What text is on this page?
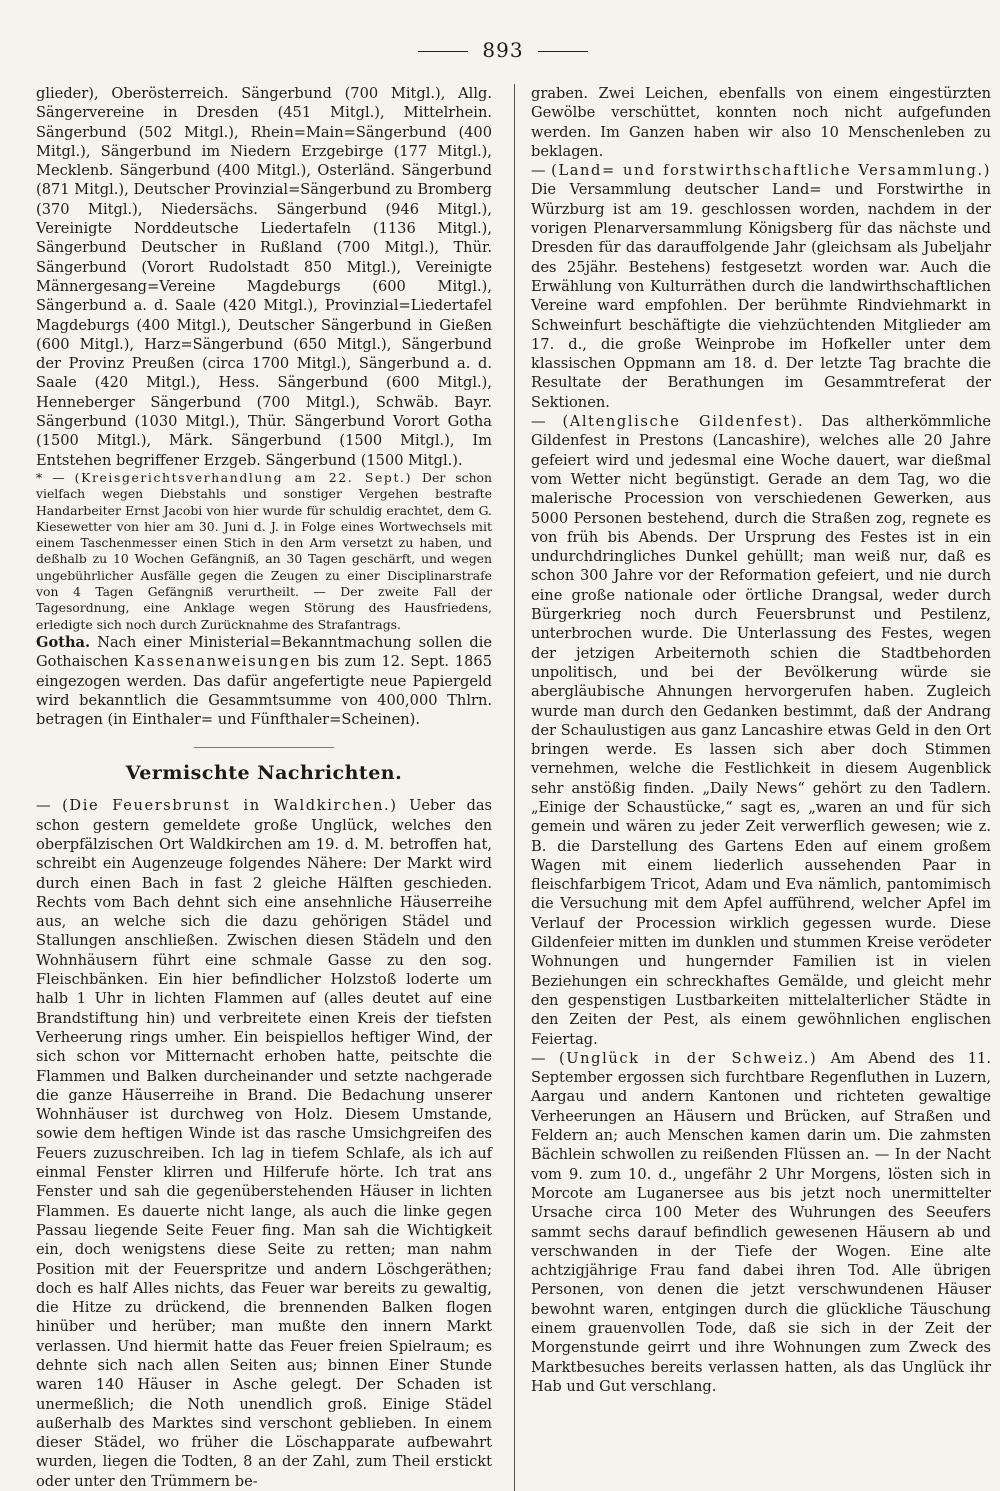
893

glieder), Oberösterreich. Sängerbund (700 Mitgl.), Allg. Sängervereine in Dresden (451 Mitgl.), Mittelrhein. Sängerbund (502 Mitgl.), Rhein=Main=Sängerbund (400 Mitgl.), Sängerbund im Niedern Erzgebirge (177 Mitgl.), Mecklenb. Sängerbund (400 Mitgl.), Osterländ. Sängerbund (871 Mitgl.), Deutscher Provinzial=Sängerbund zu Bromberg (370 Mitgl.), Niedersächs. Sängerbund (946 Mitgl.), Vereinigte Norddeutsche Liedertafeln (1136 Mitgl.), Sängerbund Deutscher in Rußland (700 Mitgl.), Thür. Sängerbund (Vorort Rudolstadt 850 Mitgl.), Vereinigte Männergesang=Vereine Magdeburgs (600 Mitgl.), Sängerbund a. d. Saale (420 Mitgl.), Provinzial=Liedertafel Magdeburgs (400 Mitgl.), Deutscher Sängerbund in Gießen (600 Mitgl.), Harz=Sängerbund (650 Mitgl.), Sängerbund der Provinz Preußen (circa 1700 Mitgl.), Sängerbund a. d. Saale (420 Mitgl.), Hess. Sängerbund (600 Mitgl.), Henneberger Sängerbund (700 Mitgl.), Schwäb. Bayr. Sängerbund (1030 Mitgl.), Thür. Sängerbund Vorort Gotha (1500 Mitgl.), Märk. Sängerbund (1500 Mitgl.), Im Entstehen begriffener Erzgeb. Sängerbund (1500 Mitgl.).

* — (Kreisgerichtsverhandlung am 22. Sept.) Der schon vielfach wegen Diebstahls und sonstiger Vergehen bestrafte Handarbeiter Ernst Jacobi von hier wurde für schuldig erachtet, dem G. Kiesewetter von hier am 30. Juni d. J. in Folge eines Wortwechsels mit einem Taschenmesser einen Stich in den Arm versetzt zu haben, und deßhalb zu 10 Wochen Gefängniß, an 30 Tagen geschärft, und wegen ungebührlicher Ausfälle gegen die Zeugen zu einer Disciplinarstrafe von 4 Tagen Gefängniß verurtheilt. — Der zweite Fall der Tagesordnung, eine Anklage wegen Störung des Hausfriedens, erledigte sich noch durch Zurücknahme des Strafantrags.

Gotha. Nach einer Ministerial=Bekanntmachung sollen die Gothaischen Kassenanweisungen bis zum 12. Sept. 1865 eingezogen werden. Das dafür angefertigte neue Papiergeld wird bekanntlich die Gesammtsumme von 400,000 Thlrn. betragen (in Einthaler= und Fünfthaler=Scheinen).

Vermischte Nachrichten.

— (Die Feuersbrunst in Waldkirchen.) Ueber das schon gestern gemeldete große Unglück, welches den oberpfälzischen Ort Waldkirchen am 19. d. M. betroffen hat, schreibt ein Augenzeuge folgendes Nähere: Der Markt wird durch einen Bach in fast 2 gleiche Hälften geschieden. Rechts vom Bach dehnt sich eine ansehnliche Häuserreihe aus, an welche sich die dazu gehörigen Städel und Stallungen anschließen. Zwischen diesen Städeln und den Wohnhäusern führt eine schmale Gasse zu den sog. Fleischbänken. Ein hier befindlicher Holzstoß loderte um halb 1 Uhr in lichten Flammen auf (alles deutet auf eine Brandstiftung hin) und verbreitete einen Kreis der tiefsten Verheerung rings umher. Ein beispiellos heftiger Wind, der sich schon vor Mitternacht erhoben hatte, peitschte die Flammen und Balken durcheinander und setzte nachgerade die ganze Häuserreihe in Brand. Die Bedachung unserer Wohnhäuser ist durchweg von Holz. Diesem Umstande, sowie dem heftigen Winde ist das rasche Umsichgreifen des Feuers zuzuschreiben. Ich lag in tiefem Schlafe, als ich auf einmal Fenster klirren und Hilferufe hörte. Ich trat ans Fenster und sah die gegenüberstehenden Häuser in lichten Flammen. Es dauerte nicht lange, als auch die linke gegen Passau liegende Seite Feuer fing. Man sah die Wichtigkeit ein, doch wenigstens diese Seite zu retten; man nahm Position mit der Feuerspritze und andern Löschgeräthen; doch es half Alles nichts, das Feuer war bereits zu gewaltig, die Hitze zu drückend, die brennenden Balken flogen hinüber und herüber; man mußte den innern Markt verlassen. Und hiermit hatte das Feuer freien Spielraum; es dehnte sich nach allen Seiten aus; binnen Einer Stunde waren 140 Häuser in Asche gelegt. Der Schaden ist unermeßlich; die Noth unendlich groß. Einige Städel außerhalb des Marktes sind verschont geblieben. In einem dieser Städel, wo früher die Löschapparate aufbewahrt wurden, liegen die Todten, 8 an der Zahl, zum Theil erstickt oder unter den Trümmern be-

graben. Zwei Leichen, ebenfalls von einem eingestürzten Gewölbe verschüttet, konnten noch nicht aufgefunden werden. Im Ganzen haben wir also 10 Menschenleben zu beklagen.

— (Land= und forstwirthschaftliche Versammlung.) Die Versammlung deutscher Land= und Forstwirthe in Würzburg ist am 19. geschlossen worden, nachdem in der vorigen Plenarversammlung Königsberg für das nächste und Dresden für das darauffolgende Jahr (gleichsam als Jubeljahr des 25jähr. Bestehens) festgesetzt worden war. Auch die Erwählung von Kulturräthen durch die landwirthschaftlichen Vereine ward empfohlen. Der berühmte Rindviehmarkt in Schweinfurt beschäftigte die viehzüchtenden Mitglieder am 17. d., die große Weinprobe im Hofkeller unter dem klassischen Oppmann am 18. d. Der letzte Tag brachte die Resultate der Berathungen im Gesammtreferat der Sektionen.

— (Altenglische Gildenfest). Das altherkömmliche Gildenfest in Prestons (Lancashire), welches alle 20 Jahre gefeiert wird und jedesmal eine Woche dauert, war dießmal vom Wetter nicht begünstigt. Gerade an dem Tag, wo die malerische Procession von verschiedenen Gewerken, aus 5000 Personen bestehend, durch die Straßen zog, regnete es von früh bis Abends. Der Ursprung des Festes ist in ein undurchdringliches Dunkel gehüllt; man weiß nur, daß es schon 300 Jahre vor der Reformation gefeiert, und nie durch eine große nationale oder örtliche Drangsal, weder durch Bürgerkrieg noch durch Feuersbrunst und Pestilenz, unterbrochen wurde. Die Unterlassung des Festes, wegen der jetzigen Arbeiternoth schien die Stadtbehorden unpolitisch, und bei der Bevölkerung würde sie abergläubische Ahnungen hervorgerufen haben. Zugleich wurde man durch den Gedanken bestimmt, daß der Andrang der Schaulustigen aus ganz Lancashire etwas Geld in den Ort bringen werde. Es lassen sich aber doch Stimmen vernehmen, welche die Festlichkeit in diesem Augenblick sehr anstößig finden. „Daily News“ gehört zu den Tadlern. „Einige der Schaustücke,“ sagt es, „waren an und für sich gemein und wären zu jeder Zeit verwerflich gewesen; wie z. B. die Darstellung des Gartens Eden auf einem großem Wagen mit einem liederlich aussehenden Paar in fleischfarbigem Tricot, Adam und Eva nämlich, pantomimisch die Versuchung mit dem Apfel aufführend, welcher Apfel im Verlauf der Procession wirklich gegessen wurde. Diese Gildenfeier mitten im dunklen und stummen Kreise verödeter Wohnungen und hungernder Familien ist in vielen Beziehungen ein schreckhaftes Gemälde, und gleicht mehr den gespenstigen Lustbarkeiten mittelalterlicher Städte in den Zeiten der Pest, als einem gewöhnlichen englischen Feiertag.

— (Unglück in der Schweiz.) Am Abend des 11. September ergossen sich furchtbare Regenfluthen in Luzern, Aargau und andern Kantonen und richteten gewaltige Verheerungen an Häusern und Brücken, auf Straßen und Feldern an; auch Menschen kamen darin um. Die zahmsten Bächlein schwollen zu reißenden Flüssen an. — In der Nacht vom 9. zum 10. d., ungefähr 2 Uhr Morgens, lösten sich in Morcote am Luganersee aus bis jetzt noch unermittelter Ursache circa 100 Meter des Wuhrungen des Seeufers sammt sechs darauf befindlich gewesenen Häusern ab und verschwanden in der Tiefe der Wogen. Eine alte achtzigjährige Frau fand dabei ihren Tod. Alle übrigen Personen, von denen die jetzt verschwundenen Häuser bewohnt waren, entgingen durch die glückliche Täuschung einem grauenvollen Tode, daß sie sich in der Zeit der Morgenstunde geirrt und ihre Wohnungen zum Zweck des Marktbesuches bereits verlassen hatten, als das Unglück ihr Hab und Gut verschlang.
